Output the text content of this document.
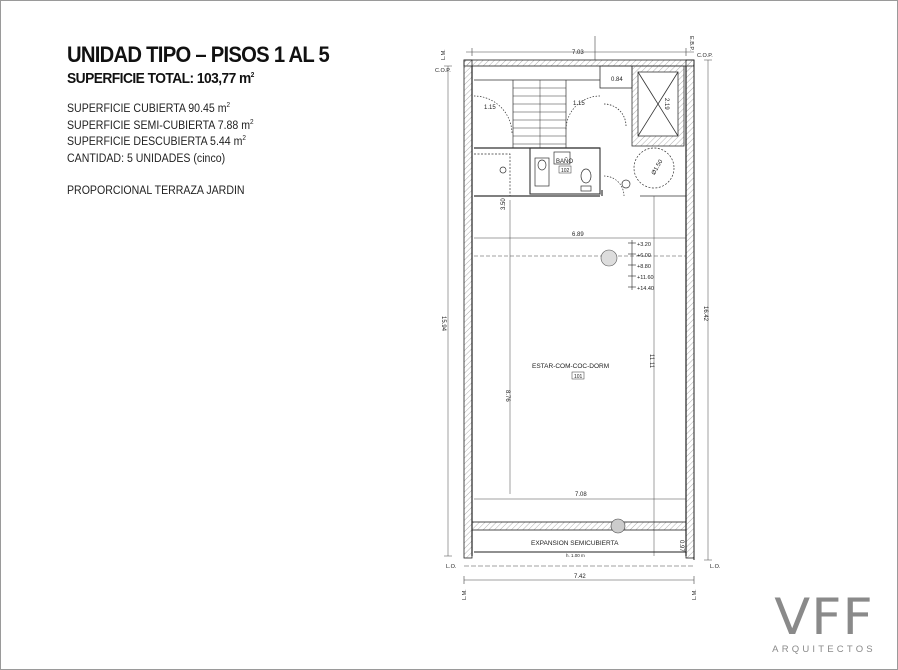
UNIDAD TIPO – PISOS 1 AL 5
SUPERFICIE TOTAL: 103,77 $m^2$
SUPERFICIE CUBIERTA 90.45 $m^2$
SUPERFICIE SEMI-CUBIERTA 7.88 $m^2$
SUPERFICIE DESCUBIERTA 5.44 $m^2$
CANTIDAD: 5 UNIDADES (cinco)
PROPORCIONAL TERRAZA JARDIN
7.03
C.O.P.
C.O.P.
E.B.P.
L.M.
1.15
1.15
0.84
2.19
BAÑO
102	Ø1.50
3.50
6.89
+3.20
+6.00
+8.80
+11.60
+14.40
15.94
16.42
8.76
11.11
ESTAR-COM-COC-DORM
101
7.08
EXPANSION SEMICUBIERTA
h. 1.00 m
0.97
7.42
L.O.	L.O.
L.M.	L.M. VFF
ARQUITECTOS
